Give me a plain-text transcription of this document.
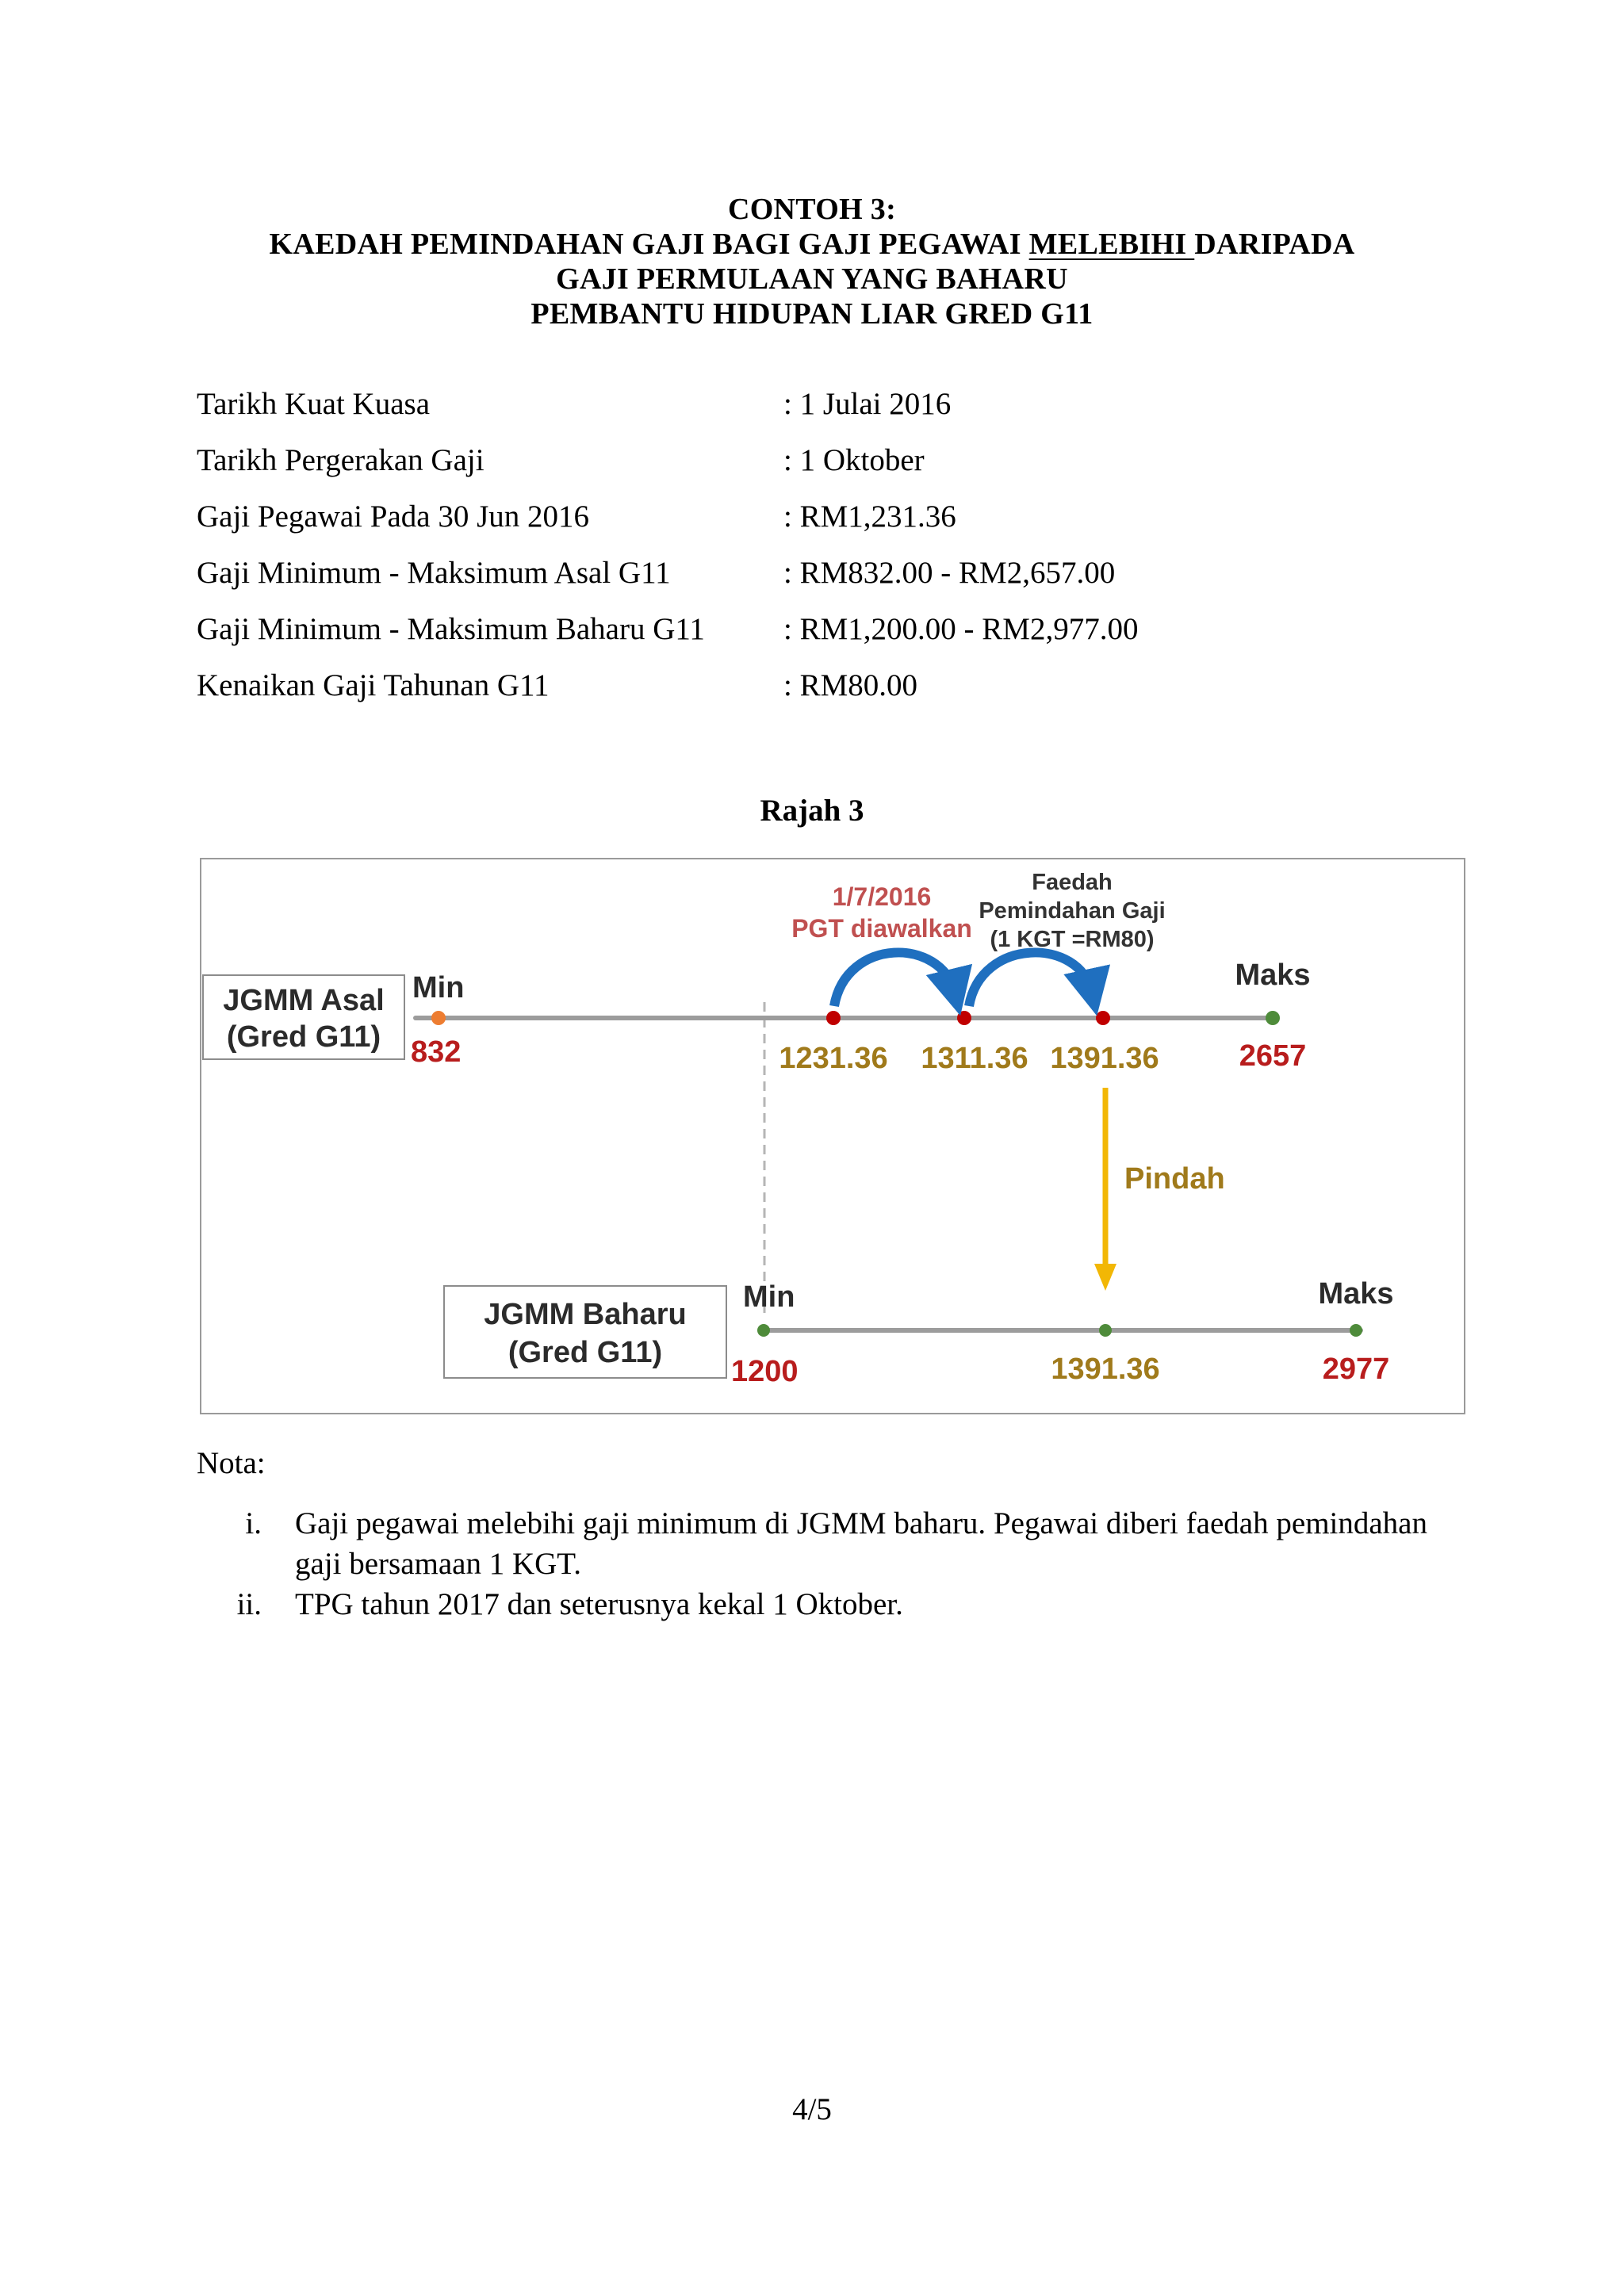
CONTOH 3:
KAEDAH PEMINDAHAN GAJI BAGI GAJI PEGAWAI MELEBIHI DARIPADA
GAJI PERMULAAN YANG BAHARU
PEMBANTU HIDUPAN LIAR GRED G11
Tarikh Kuat Kuasa	: 1 Julai 2016
Tarikh Pergerakan Gaji	: 1 Oktober
Gaji Pegawai Pada 30 Jun 2016	: RM1,231.36
Gaji Minimum - Maksimum Asal G11	: RM832.00 - RM2,657.00
Gaji Minimum - Maksimum Baharu G11	: RM1,200.00 - RM2,977.00
Kenaikan Gaji Tahunan G11	: RM80.00
Rajah 3
JGMM Asal
(Gred G11)
JGMM Baharu
(Gred G11)
Min
832	1231.36 1311.36 1391.36
Maks
2657
1/7/2016
PGT diawalkan
Faedah
Pemindahan Gaji
(1 KGT =RM80)
Pindah
Min
1200	1391.36
Maks
2977
Nota:
i. Gaji pegawai melebihi gaji minimum di JGMM baharu. Pegawai diberi faedah pemindahan gaji bersamaan 1 KGT.
ii. TPG tahun 2017 dan seterusnya kekal 1 Oktober.
4/5
